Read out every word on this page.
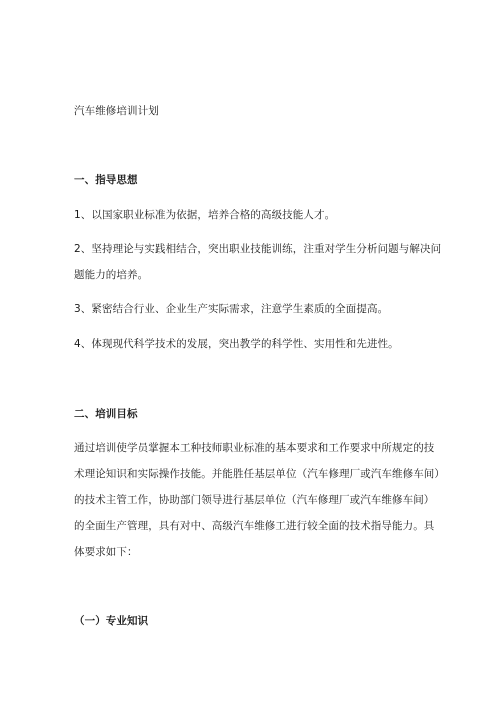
汽车维修培训计划
一、指导思想
1、以国家职业标准为依据，培养合格的高级技能人才。
2、坚持理论与实践相结合，突出职业技能训练，注重对学生分析问题与解决问
题能力的培养。
3、紧密结合行业、企业生产实际需求，注意学生素质的全面提高。
4、体现现代科学技术的发展，突出教学的科学性、实用性和先进性。
二、培训目标
通过培训使学员掌握本工种技师职业标准的基本要求和工作要求中所规定的技
术理论知识和实际操作技能。并能胜任基层单位（汽车修理厂或汽车维修车间）
的技术主管工作，协助部门领导进行基层单位（汽车修理厂或汽车维修车间）
的全面生产管理，具有对中、高级汽车维修工进行较全面的技术指导能力。具
体要求如下：
（一）专业知识
